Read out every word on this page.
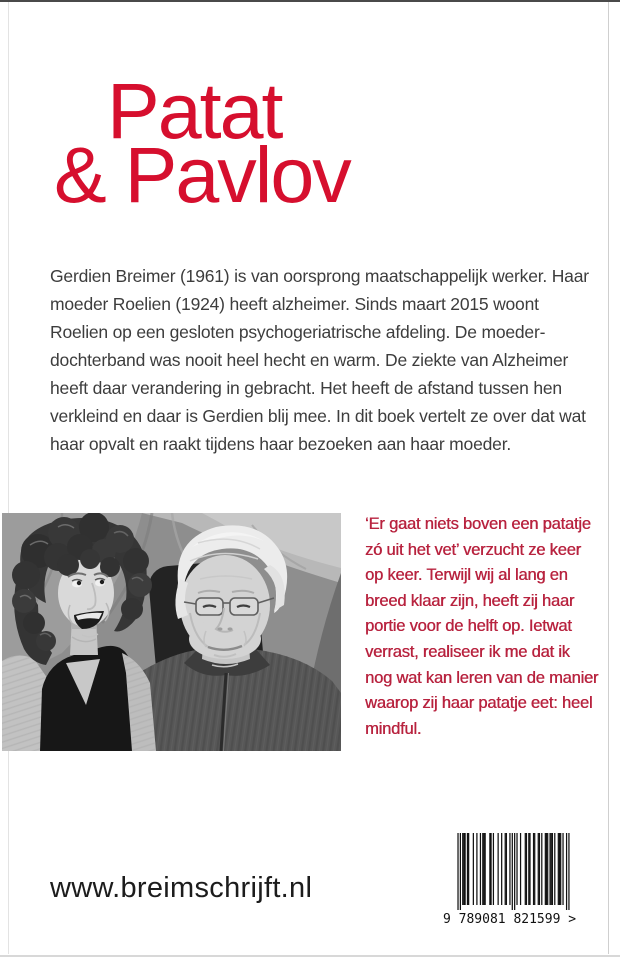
Patat
& Pavlov
Gerdien Breimer (1961) is van oorsprong maatschappelijk werker. Haar moeder Roelien (1924) heeft alzheimer. Sinds maart 2015 woont Roelien op een gesloten psychogeriatrische afdeling. De moeder-dochterband was nooit heel hecht en warm. De ziekte van Alzheimer heeft daar verandering in gebracht. Het heeft de afstand tussen hen verkleind en daar is Gerdien blij mee. In dit boek vertelt ze over dat wat haar opvalt en raakt tijdens haar bezoeken aan haar moeder.
‘Er gaat niets boven een patatje zó uit het vet’ verzucht ze keer op keer. Terwijl wij al lang en breed klaar zijn, heeft zij haar portie voor de helft op. Ietwat verrast, realiseer ik me dat ik nog wat kan leren van de manier waarop zij haar patatje eet: heel mindful.
www.breimschrijft.nl
9 789081 821599 >
